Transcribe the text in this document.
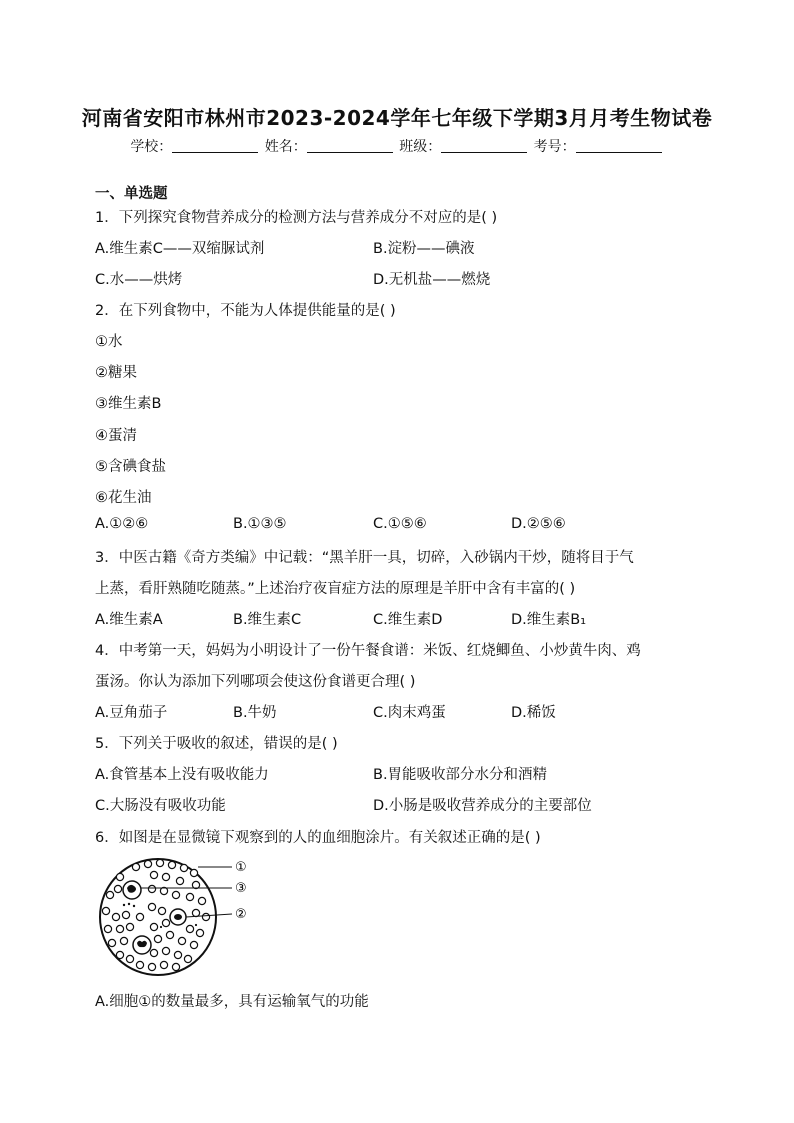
河南省安阳市林州市2023-2024学年七年级下学期3月月考生物试卷
学校：	姓名：	班级：	考号：
一、单选题
1．下列探究食物营养成分的检测方法与营养成分不对应的是( )
A.维生素C——双缩脲试剂	B.淀粉——碘液
C.水——烘烤	D.无机盐——燃烧
2．在下列食物中，不能为人体提供能量的是( )
①水
②糖果
③维生素B
④蛋清
⑤含碘食盐
⑥花生油
A.①②⑥	B.①③⑤	C.①⑤⑥	D.②⑤⑥
3．中医古籍《奇方类编》中记载：“黑羊肝一具，切碎，入砂锅内干炒，随将目于气
上蒸，看肝熟随吃随蒸。”上述治疗夜盲症方法的原理是羊肝中含有丰富的( )
A.维生素A	B.维生素C	C.维生素D	D.维生素B₁
4．中考第一天，妈妈为小明设计了一份午餐食谱：米饭、红烧鲫鱼、小炒黄牛肉、鸡
蛋汤。你认为添加下列哪项会使这份食谱更合理( )
A.豆角茄子	B.牛奶	C.肉末鸡蛋	D.稀饭
5．下列关于吸收的叙述，错误的是( )
A.食管基本上没有吸收能力	B.胃能吸收部分水分和酒精
C.大肠没有吸收功能	D.小肠是吸收营养成分的主要部位
6．如图是在显微镜下观察到的人的血细胞涂片。有关叙述正确的是( )
①
③
②
A.细胞①的数量最多，具有运输氧气的功能
